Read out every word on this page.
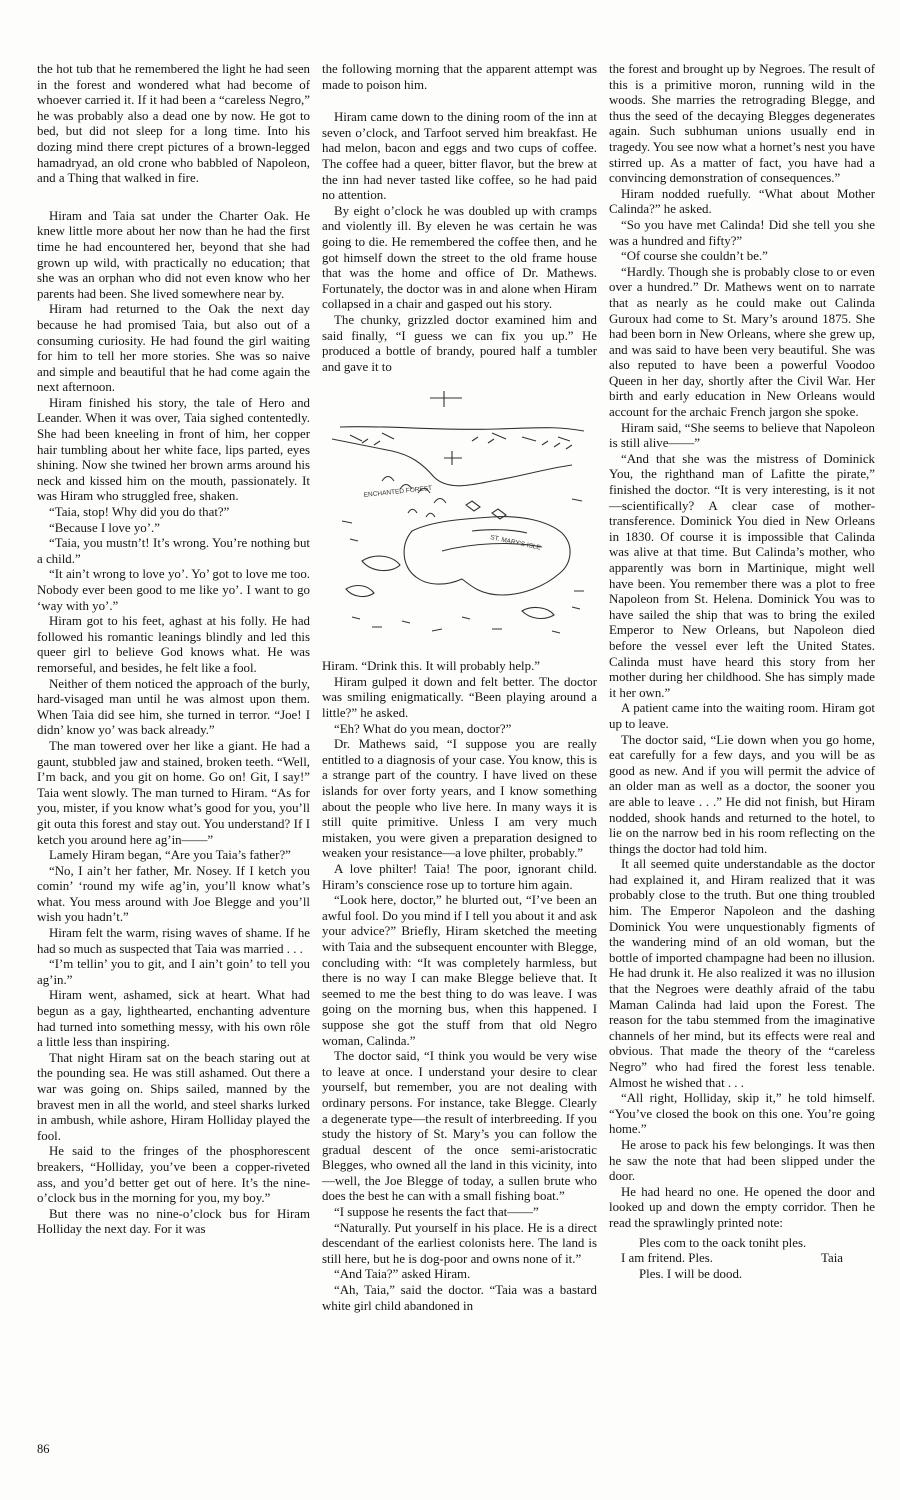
the hot tub that he remembered the light he had seen in the forest and wondered what had become of whoever carried it. If it had been a “careless Negro,” he was probably also a dead one by now. He got to bed, but did not sleep for a long time. Into his dozing mind there crept pictures of a brown-legged hamadryad, an old crone who babbled of Napoleon, and a Thing that walked in fire.

Hiram and Taia sat under the Charter Oak. He knew little more about her now than he had the first time he had encountered her, beyond that she had grown up wild, with practically no education; that she was an orphan who did not even know who her parents had been. She lived somewhere near by.

Hiram had returned to the Oak the next day because he had promised Taia, but also out of a consuming curiosity. He had found the girl waiting for him to tell her more stories. She was so naive and simple and beautiful that he had come again the next afternoon.

Hiram finished his story, the tale of Hero and Leander. When it was over, Taia sighed contentedly. She had been kneeling in front of him, her copper hair tumbling about her white face, lips parted, eyes shining. Now she twined her brown arms around his neck and kissed him on the mouth, passionately. It was Hiram who struggled free, shaken.

“Taia, stop! Why did you do that?”

“Because I love yo’.”

“Taia, you mustn’t! It’s wrong. You’re nothing but a child.”

“It ain’t wrong to love yo’. Yo’ got to love me too. Nobody ever been good to me like yo’. I want to go ‘way with yo’.”

Hiram got to his feet, aghast at his folly. He had followed his romantic leanings blindly and led this queer girl to believe God knows what. He was remorseful, and besides, he felt like a fool.

Neither of them noticed the approach of the burly, hard-visaged man until he was almost upon them. When Taia did see him, she turned in terror. “Joe! I didn’ know yo’ was back already.”

The man towered over her like a giant. He had a gaunt, stubbled jaw and stained, broken teeth. “Well, I’m back, and you git on home. Go on! Git, I say!” Taia went slowly. The man turned to Hiram. “As for you, mister, if you know what’s good for you, you’ll git outa this forest and stay out. You understand? If I ketch you around here ag’in——”

Lamely Hiram began, “Are you Taia’s father?”

“No, I ain’t her father, Mr. Nosey. If I ketch you comin’ ‘round my wife ag’in, you’ll know what’s what. You mess around with Joe Blegge and you’ll wish you hadn’t.”

Hiram felt the warm, rising waves of shame. If he had so much as suspected that Taia was married . . .

“I’m tellin’ you to git, and I ain’t goin’ to tell you ag’in.”

Hiram went, ashamed, sick at heart. What had begun as a gay, lighthearted, enchanting adventure had turned into something messy, with his own rôle a little less than inspiring.

That night Hiram sat on the beach staring out at the pounding sea. He was still ashamed. Out there a war was going on. Ships sailed, manned by the bravest men in all the world, and steel sharks lurked in ambush, while ashore, Hiram Holliday played the fool.

He said to the fringes of the phosphorescent breakers, “Holliday, you’ve been a copper-riveted ass, and you’d better get out of here. It’s the nine-o’clock bus in the morning for you, my boy.”

But there was no nine-o’clock bus for Hiram Holliday the next day. For it was

the following morning that the apparent attempt was made to poison him.

Hiram came down to the dining room of the inn at seven o’clock, and Tarfoot served him breakfast. He had melon, bacon and eggs and two cups of coffee. The coffee had a queer, bitter flavor, but the brew at the inn had never tasted like coffee, so he had paid no attention.

By eight o’clock he was doubled up with cramps and violently ill. By eleven he was certain he was going to die. He remembered the coffee then, and he got himself down the street to the old frame house that was the home and office of Dr. Mathews. Fortunately, the doctor was in and alone when Hiram collapsed in a chair and gasped out his story.

The chunky, grizzled doctor examined him and said finally, “I guess we can fix you up.” He produced a bottle of brandy, poured half a tumbler and gave it to

ENCHANTED FOREST
ST. MARY'S ISLE

Hiram. “Drink this. It will probably help.”

Hiram gulped it down and felt better. The doctor was smiling enigmatically. “Been playing around a little?” he asked.

“Eh? What do you mean, doctor?”

Dr. Mathews said, “I suppose you are really entitled to a diagnosis of your case. You know, this is a strange part of the country. I have lived on these islands for over forty years, and I know something about the people who live here. In many ways it is still quite primitive. Unless I am very much mistaken, you were given a preparation designed to weaken your resistance—a love philter, probably.”

A love philter! Taia! The poor, ignorant child. Hiram’s conscience rose up to torture him again.

“Look here, doctor,” he blurted out, “I’ve been an awful fool. Do you mind if I tell you about it and ask your advice?” Briefly, Hiram sketched the meeting with Taia and the subsequent encounter with Blegge, concluding with: “It was completely harmless, but there is no way I can make Blegge believe that. It seemed to me the best thing to do was leave. I was going on the morning bus, when this happened. I suppose she got the stuff from that old Negro woman, Calinda.”

The doctor said, “I think you would be very wise to leave at once. I understand your desire to clear yourself, but remember, you are not dealing with ordinary persons. For instance, take Blegge. Clearly a degenerate type—the result of interbreeding. If you study the history of St. Mary’s you can follow the gradual descent of the once semi-aristocratic Blegges, who owned all the land in this vicinity, into—well, the Joe Blegge of today, a sullen brute who does the best he can with a small fishing boat.”

“I suppose he resents the fact that——”

“Naturally. Put yourself in his place. He is a direct descendant of the earliest colonists here. The land is still here, but he is dog-poor and owns none of it.”

“And Taia?” asked Hiram.

“Ah, Taia,” said the doctor. “Taia was a bastard white girl child abandoned in

the forest and brought up by Negroes. The result of this is a primitive moron, running wild in the woods. She marries the retrograding Blegge, and thus the seed of the decaying Blegges degenerates again. Such subhuman unions usually end in tragedy. You see now what a hornet’s nest you have stirred up. As a matter of fact, you have had a convincing demonstration of consequences.”

Hiram nodded ruefully. “What about Mother Calinda?” he asked.

“So you have met Calinda! Did she tell you she was a hundred and fifty?”

“Of course she couldn’t be.”

“Hardly. Though she is probably close to or even over a hundred.” Dr. Mathews went on to narrate that as nearly as he could make out Calinda Guroux had come to St. Mary’s around 1875. She had been born in New Orleans, where she grew up, and was said to have been very beautiful. She was also reputed to have been a powerful Voodoo Queen in her day, shortly after the Civil War. Her birth and early education in New Orleans would account for the archaic French jargon she spoke.

Hiram said, “She seems to believe that Napoleon is still alive——”

“And that she was the mistress of Dominick You, the righthand man of Lafitte the pirate,” finished the doctor. “It is very interesting, is it not—scientifically? A clear case of mother-transference. Dominick You died in New Orleans in 1830. Of course it is impossible that Calinda was alive at that time. But Calinda’s mother, who apparently was born in Martinique, might well have been. You remember there was a plot to free Napoleon from St. Helena. Dominick You was to have sailed the ship that was to bring the exiled Emperor to New Orleans, but Napoleon died before the vessel ever left the United States. Calinda must have heard this story from her mother during her childhood. She has simply made it her own.”

A patient came into the waiting room. Hiram got up to leave.

The doctor said, “Lie down when you go home, eat carefully for a few days, and you will be as good as new. And if you will permit the advice of an older man as well as a doctor, the sooner you are able to leave . . .” He did not finish, but Hiram nodded, shook hands and returned to the hotel, to lie on the narrow bed in his room reflecting on the things the doctor had told him.

It all seemed quite understandable as the doctor had explained it, and Hiram realized that it was probably close to the truth. But one thing troubled him. The Emperor Napoleon and the dashing Dominick You were unquestionably figments of the wandering mind of an old woman, but the bottle of imported champagne had been no illusion. He had drunk it. He also realized it was no illusion that the Negroes were deathly afraid of the tabu Maman Calinda had laid upon the Forest. The reason for the tabu stemmed from the imaginative channels of her mind, but its effects were real and obvious. That made the theory of the “careless Negro” who had fired the forest less tenable. Almost he wished that . . .

“All right, Holliday, skip it,” he told himself. “You’ve closed the book on this one. You’re going home.”

He arose to pack his few belongings. It was then he saw the note that had been slipped under the door.

He had heard no one. He opened the door and looked up and down the empty corridor. Then he read the sprawlingly printed note:

Ples com to the oack toniht ples.
I am fritend. Ples.	Taia
Ples. I will be dood.
86
